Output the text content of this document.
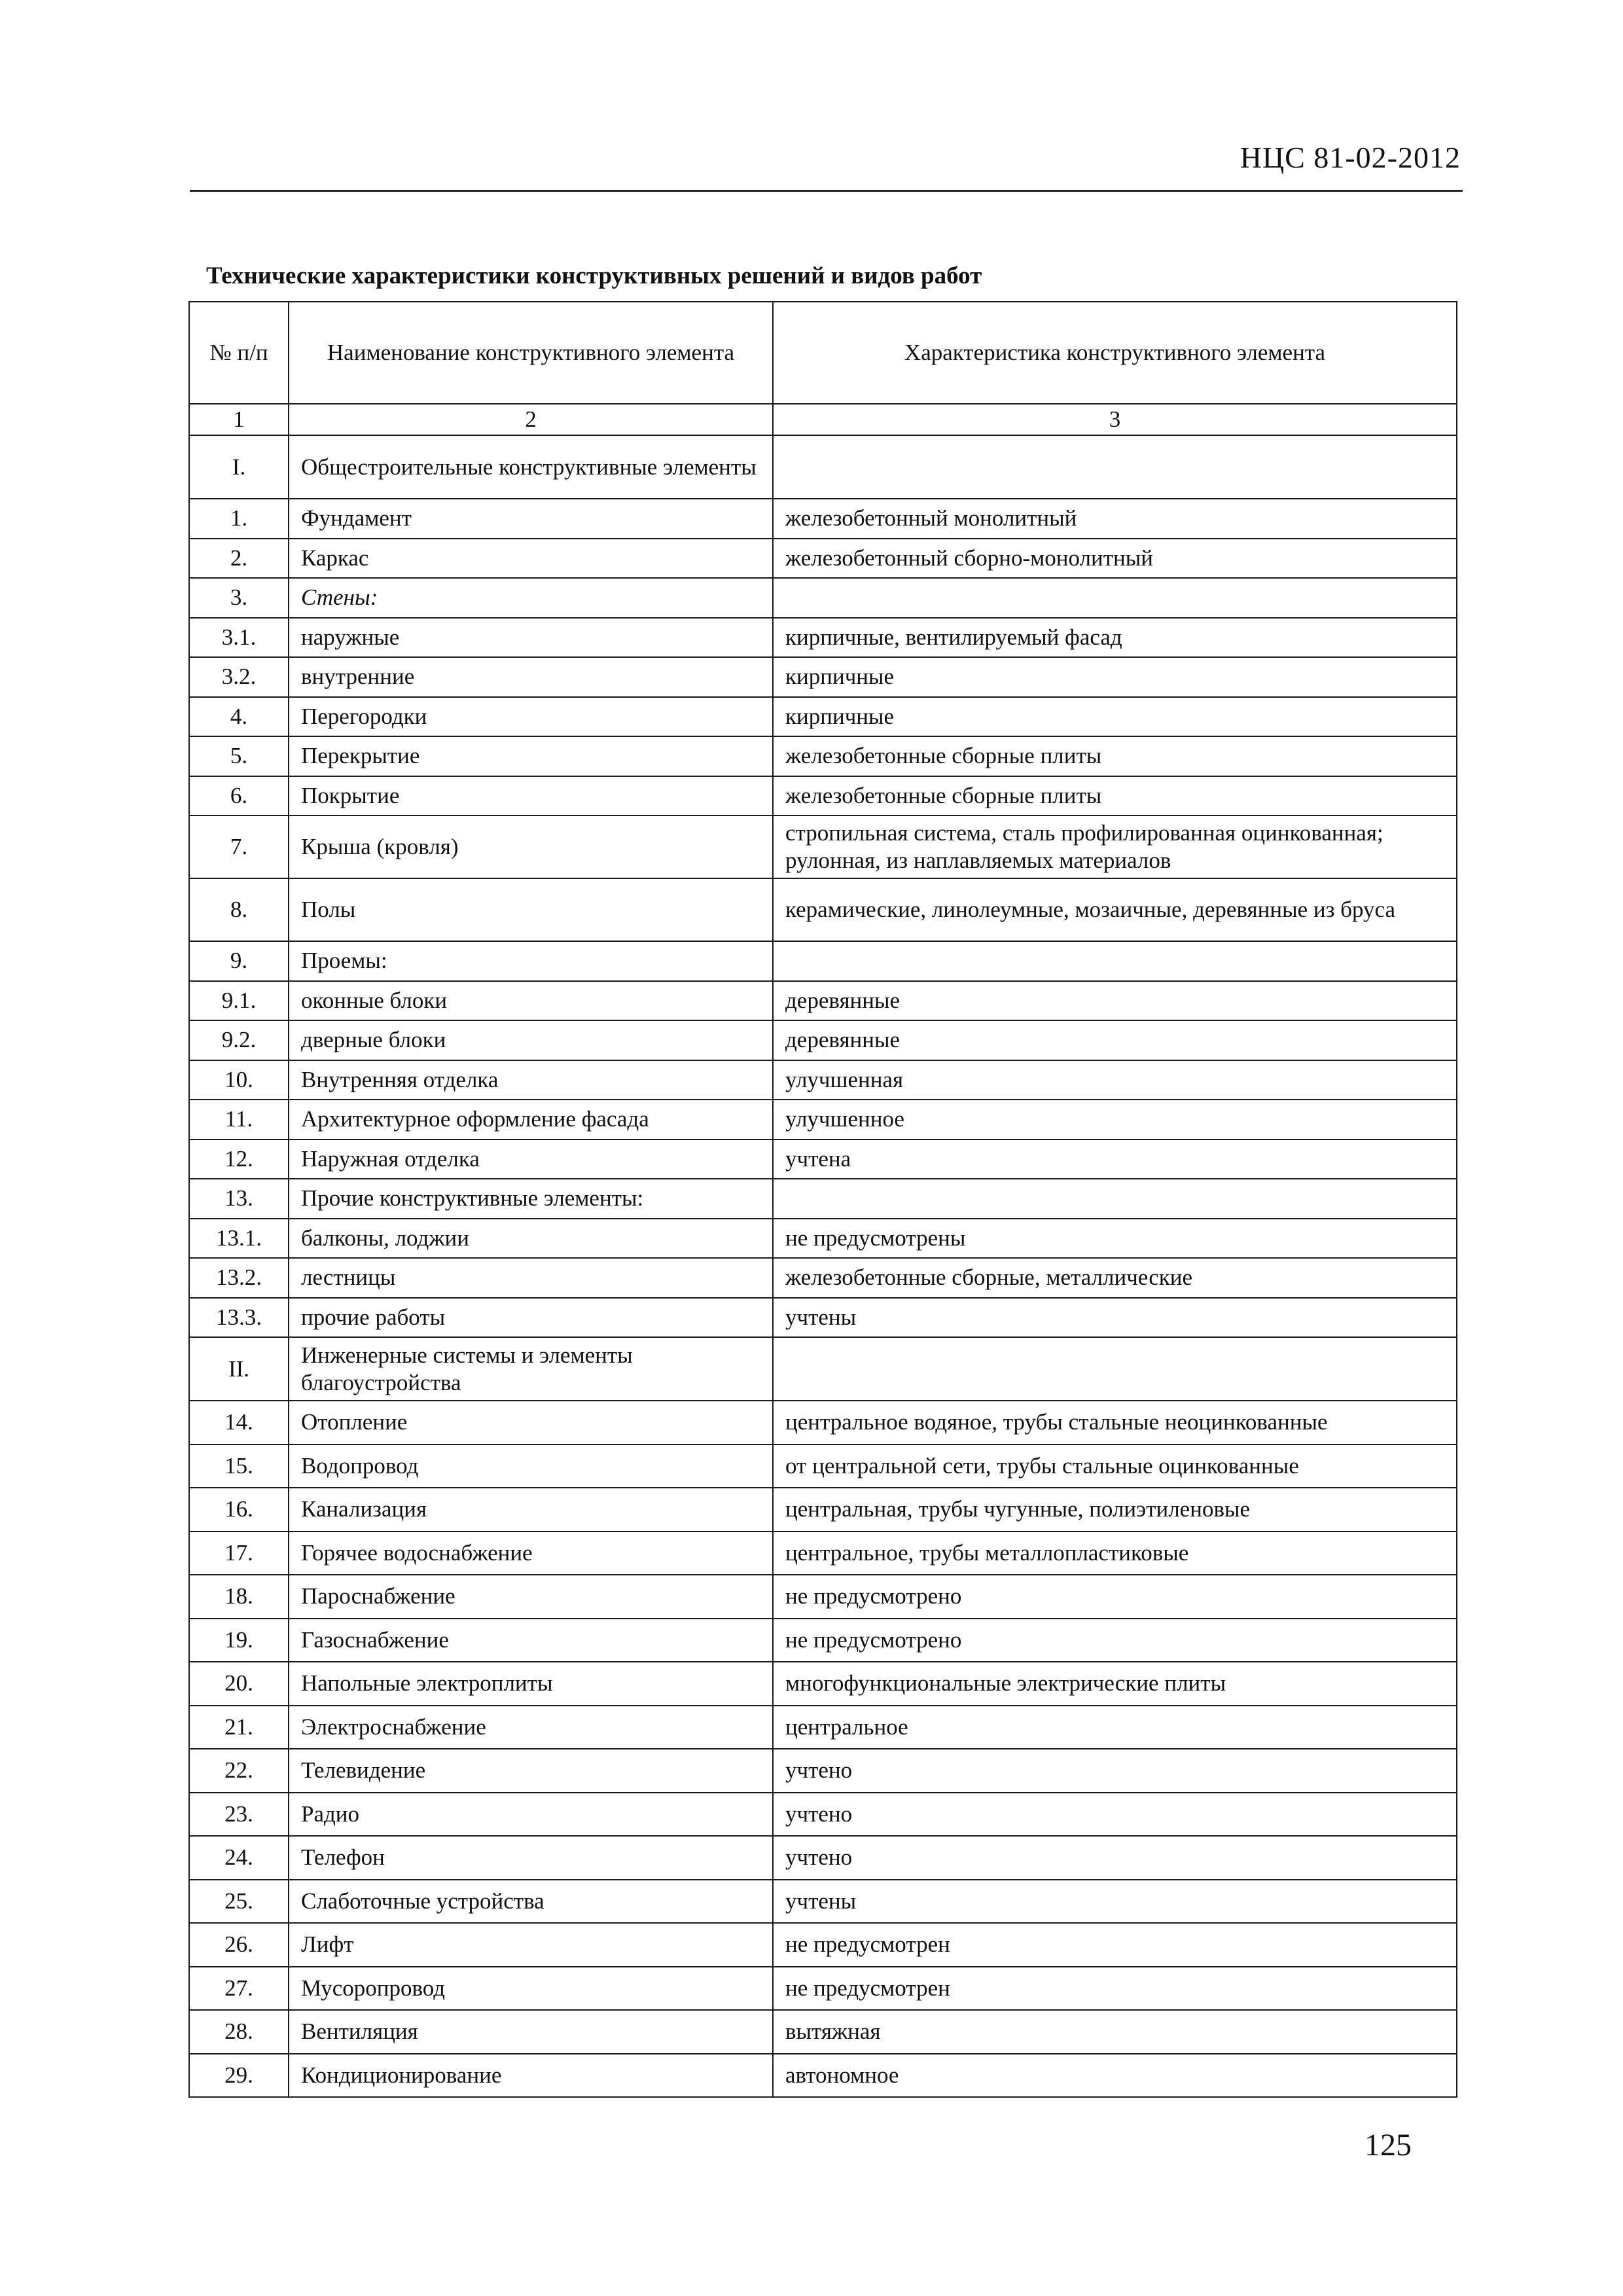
НЦС 81-02-2012
Технические характеристики конструктивных решений и видов работ
№ п/п	Наименование конструктивного элемента	Характеристика конструктивного элемента
1	2	3
I.	Общестроительные конструктивные элементы	
1.	Фундамент	железобетонный монолитный
2.	Каркас	железобетонный сборно-монолитный
3.	Стены:	
3.1.	наружные	кирпичные, вентилируемый фасад
3.2.	внутренние	кирпичные
4.	Перегородки	кирпичные
5.	Перекрытие	железобетонные сборные плиты
6.	Покрытие	железобетонные сборные плиты
7.	Крыша (кровля)	стропильная система, сталь профилированная оцинкованная; рулонная, из наплавляемых материалов
8.	Полы	керамические, линолеумные, мозаичные, деревянные из бруса
9.	Проемы:	
9.1.	оконные блоки	деревянные
9.2.	дверные блоки	деревянные
10.	Внутренняя отделка	улучшенная
11.	Архитектурное оформление фасада	улучшенное
12.	Наружная отделка	учтена
13.	Прочие конструктивные элементы:	
13.1.	балконы, лоджии	не предусмотрены
13.2.	лестницы	железобетонные сборные, металлические
13.3.	прочие работы	учтены
II.	Инженерные системы и элементы благоустройства	
14.	Отопление	центральное водяное, трубы стальные неоцинкованные
15.	Водопровод	от центральной сети, трубы стальные оцинкованные
16.	Канализация	центральная, трубы чугунные, полиэтиленовые
17.	Горячее водоснабжение	центральное, трубы металлопластиковые
18.	Пароснабжение	не предусмотрено
19.	Газоснабжение	не предусмотрено
20.	Напольные электроплиты	многофункциональные электрические плиты
21.	Электроснабжение	центральное
22.	Телевидение	учтено
23.	Радио	учтено
24.	Телефон	учтено
25.	Слаботочные устройства	учтены
26.	Лифт	не предусмотрен
27.	Мусоропровод	не предусмотрен
28.	Вентиляция	вытяжная
29.	Кондиционирование	автономное
125
